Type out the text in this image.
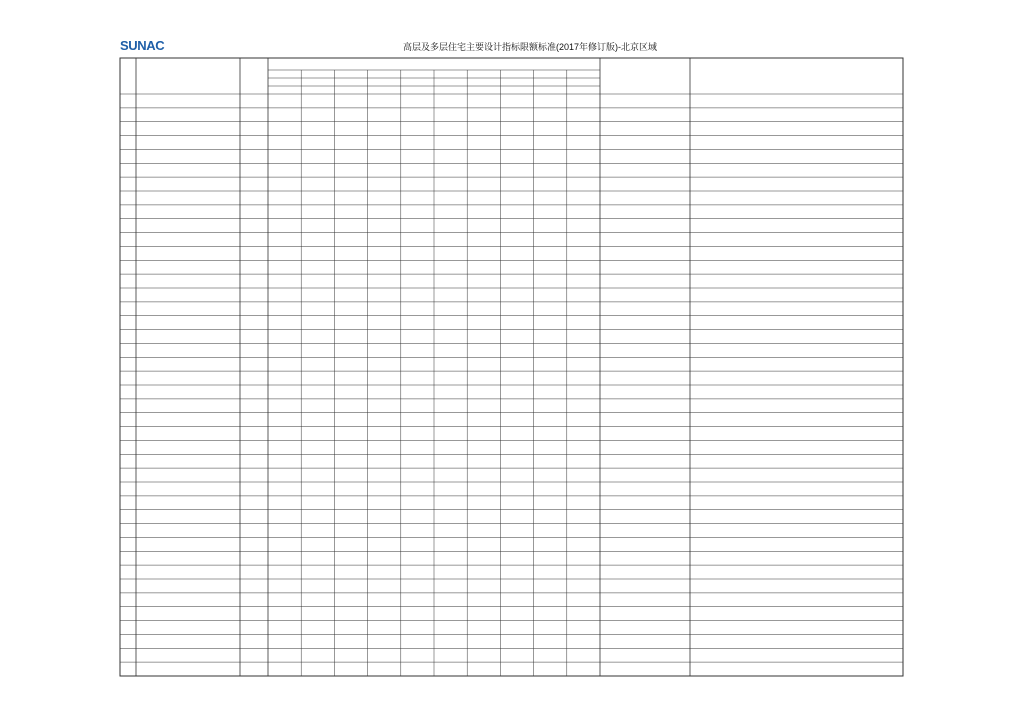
SUNAC	高层及多层住宅主要设计指标限额标准(2017年修订版)-北京区域
